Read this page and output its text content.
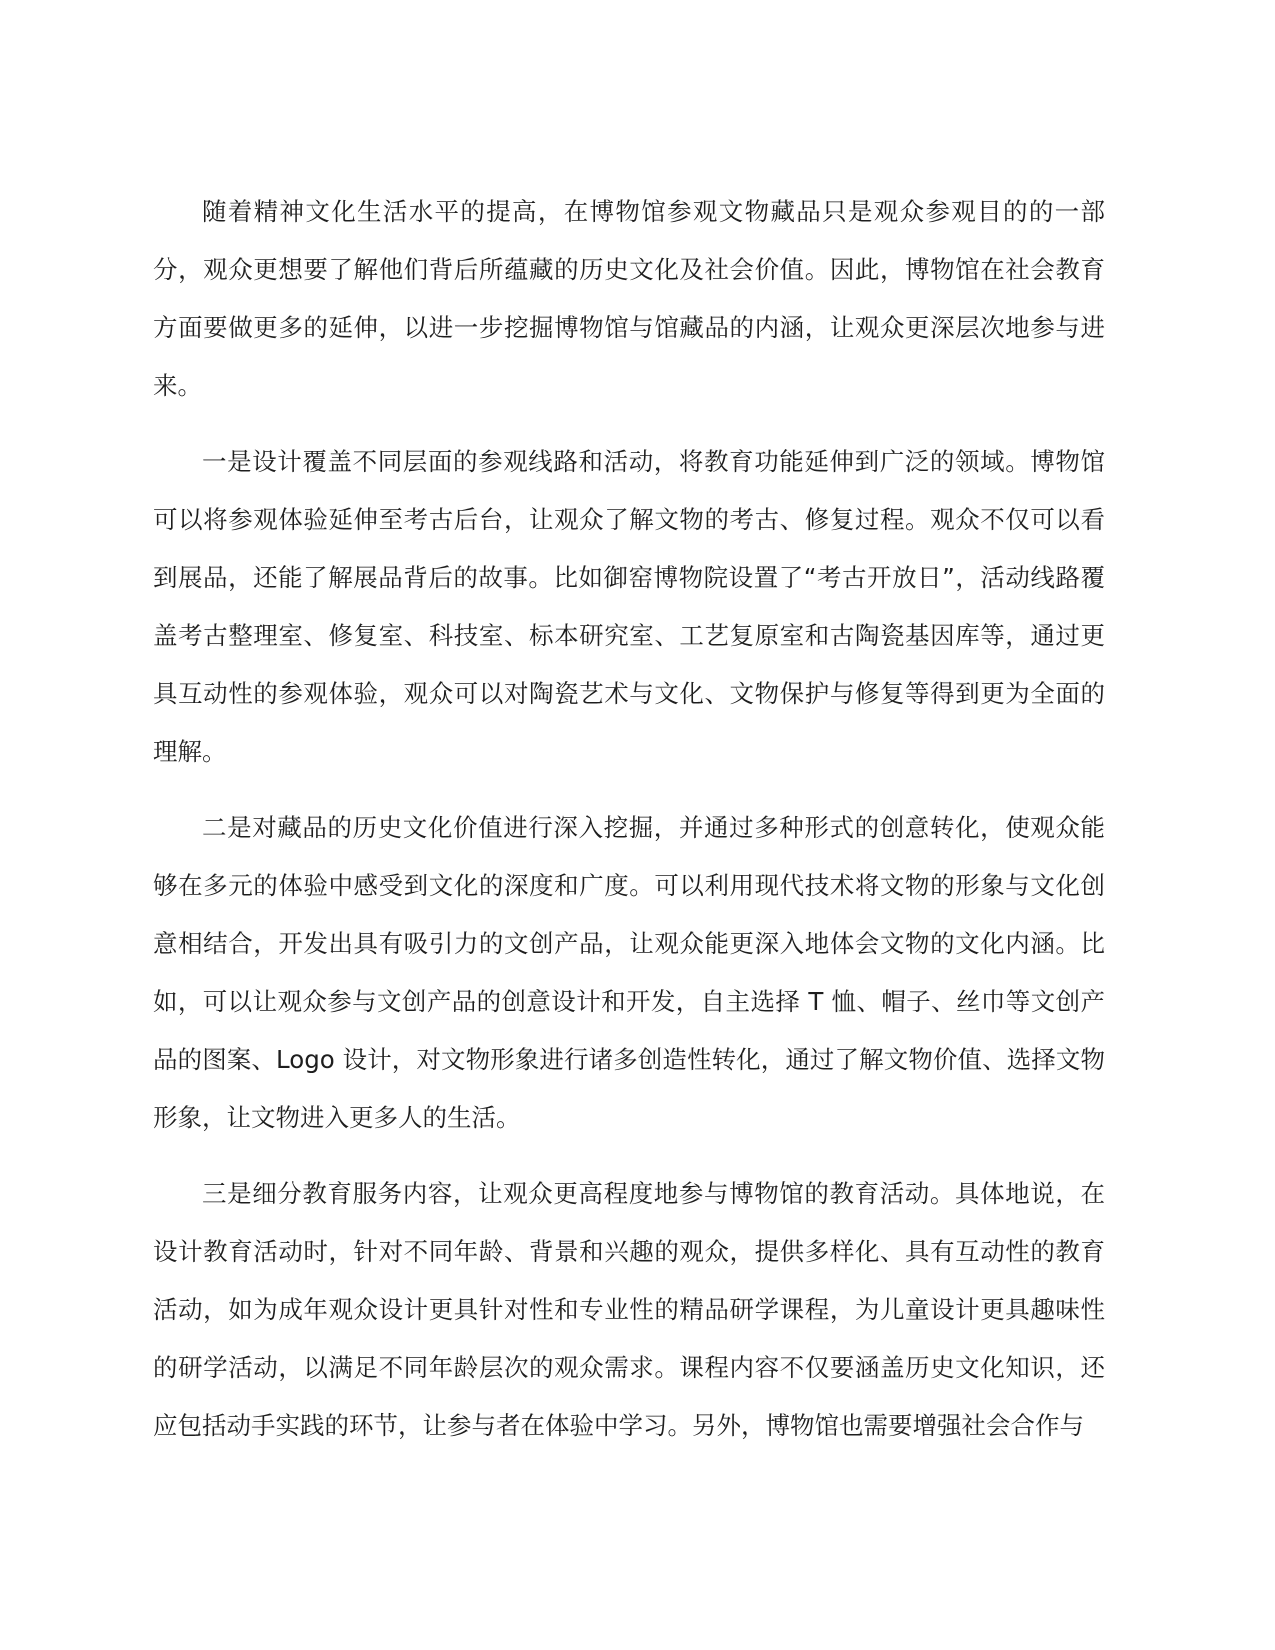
随着精神文化生活水平的提高，在博物馆参观文物藏品只是观众参观目的的一部分，观众更想要了解他们背后所蕴藏的历史文化及社会价值。因此，博物馆在社会教育方面要做更多的延伸，以进一步挖掘博物馆与馆藏品的内涵，让观众更深层次地参与进来。

一是设计覆盖不同层面的参观线路和活动，将教育功能延伸到广泛的领域。博物馆可以将参观体验延伸至考古后台，让观众了解文物的考古、修复过程。观众不仅可以看到展品，还能了解展品背后的故事。比如御窑博物院设置了“考古开放日”，活动线路覆盖考古整理室、修复室、科技室、标本研究室、工艺复原室和古陶瓷基因库等，通过更具互动性的参观体验，观众可以对陶瓷艺术与文化、文物保护与修复等得到更为全面的理解。

二是对藏品的历史文化价值进行深入挖掘，并通过多种形式的创意转化，使观众能够在多元的体验中感受到文化的深度和广度。可以利用现代技术将文物的形象与文化创意相结合，开发出具有吸引力的文创产品，让观众能更深入地体会文物的文化内涵。比如，可以让观众参与文创产品的创意设计和开发，自主选择 T 恤、帽子、丝巾等文创产品的图案、Logo 设计，对文物形象进行诸多创造性转化，通过了解文物价值、选择文物形象，让文物进入更多人的生活。

三是细分教育服务内容，让观众更高程度地参与博物馆的教育活动。具体地说，在设计教育活动时，针对不同年龄、背景和兴趣的观众，提供多样化、具有互动性的教育活动，如为成年观众设计更具针对性和专业性的精品研学课程，为儿童设计更具趣味性的研学活动，以满足不同年龄层次的观众需求。课程内容不仅要涵盖历史文化知识，还应包括动手实践的环节，让参与者在体验中学习。另外，博物馆也需要增强社会合作与
